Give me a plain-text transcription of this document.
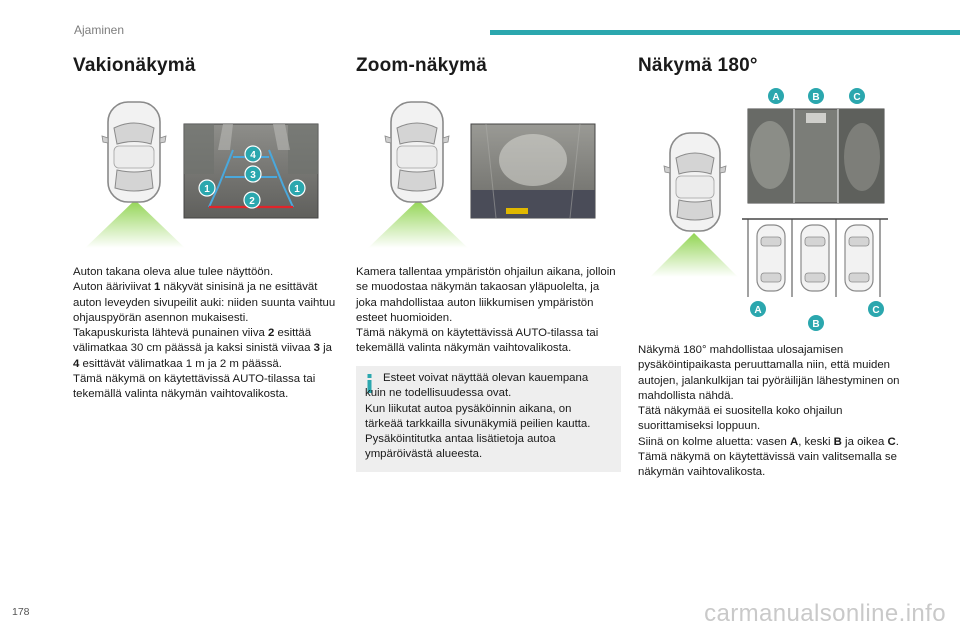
Ajaminen
Vakionäkymä
4
3
1	1
2

Auton takana oleva alue tulee näyttöön.
Auton ääriviivat 1 näkyvät sinisinä ja ne esittävät auton leveyden sivupeilit auki: niiden suunta vaihtuu ohjauspyörän asennon mukaisesti.
Takapuskurista lähtevä punainen viiva 2 esittää välimatkaa 30 cm päässä ja kaksi sinistä viivaa 3 ja 4 esittävät välimatkaa 1 m ja 2 m päässä.
Tämä näkymä on käytettävissä AUTO-tilassa tai tekemällä valinta näkymän vaihtovalikosta.

Zoom-näkymä

Kamera tallentaa ympäristön ohjailun aikana, jolloin se muodostaa näkymän takaosan yläpuolelta, ja joka mahdollistaa auton liikkumisen ympäristön esteet huomioiden.
Tämä näkymä on käytettävissä AUTO-tilassa tai tekemällä valinta näkymän vaihtovalikosta.

Esteet voivat näyttää olevan kauempana kuin ne todellisuudessa ovat.
Kun liikutat autoa pysäköinnin aikana, on tärkeää tarkkailla sivunäkymiä peilien kautta.
Pysäköintitutka antaa lisätietoja autoa ympäröivästä alueesta.

Näkymä 180°
A	B	C
A	C
B

Näkymä 180° mahdollistaa ulosajamisen pysäköintipaikasta peruuttamalla niin, että muiden autojen, jalankulkijan tai pyöräilijän lähestyminen on mahdollista nähdä.
Tätä näkymää ei suositella koko ohjailun suorittamiseksi loppuun.
Siinä on kolme aluetta: vasen A, keski B ja oikea C.
Tämä näkymä on käytettävissä vain valitsemalla se näkymän vaihtovalikosta.

178	carmanualsonline.info
